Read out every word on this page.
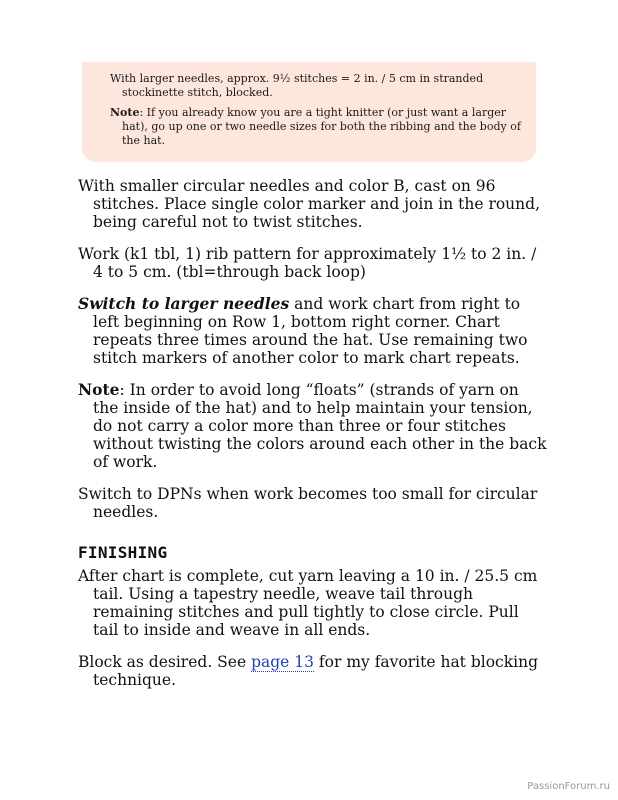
With larger needles, approx. 9½ stitches = 2 in. / 5 cm in stranded stockinette stitch, blocked.

Note: If you already know you are a tight knitter (or just want a larger hat), go up one or two needle sizes for both the ribbing and the body of the hat.

With smaller circular needles and color B, cast on 96 stitches. Place single color marker and join in the round, being careful not to twist stitches.

Work (k1 tbl, 1) rib pattern for approximately 1½ to 2 in. / 4 to 5 cm. (tbl=through back loop)

Switch to larger needles and work chart from right to left beginning on Row 1, bottom right corner. Chart repeats three times around the hat. Use remaining two stitch markers of another color to mark chart repeats.

Note: In order to avoid long “floats” (strands of yarn on the inside of the hat) and to help maintain your tension, do not carry a color more than three or four stitches without twisting the colors around each other in the back of work.

Switch to DPNs when work becomes too small for circular needles.

FINISHING

After chart is complete, cut yarn leaving a 10 in. / 25.5 cm tail. Using a tapestry needle, weave tail through remaining stitches and pull tightly to close circle. Pull tail to inside and weave in all ends.

Block as desired. See page 13 for my favorite hat blocking technique.

PassionForum.ru
